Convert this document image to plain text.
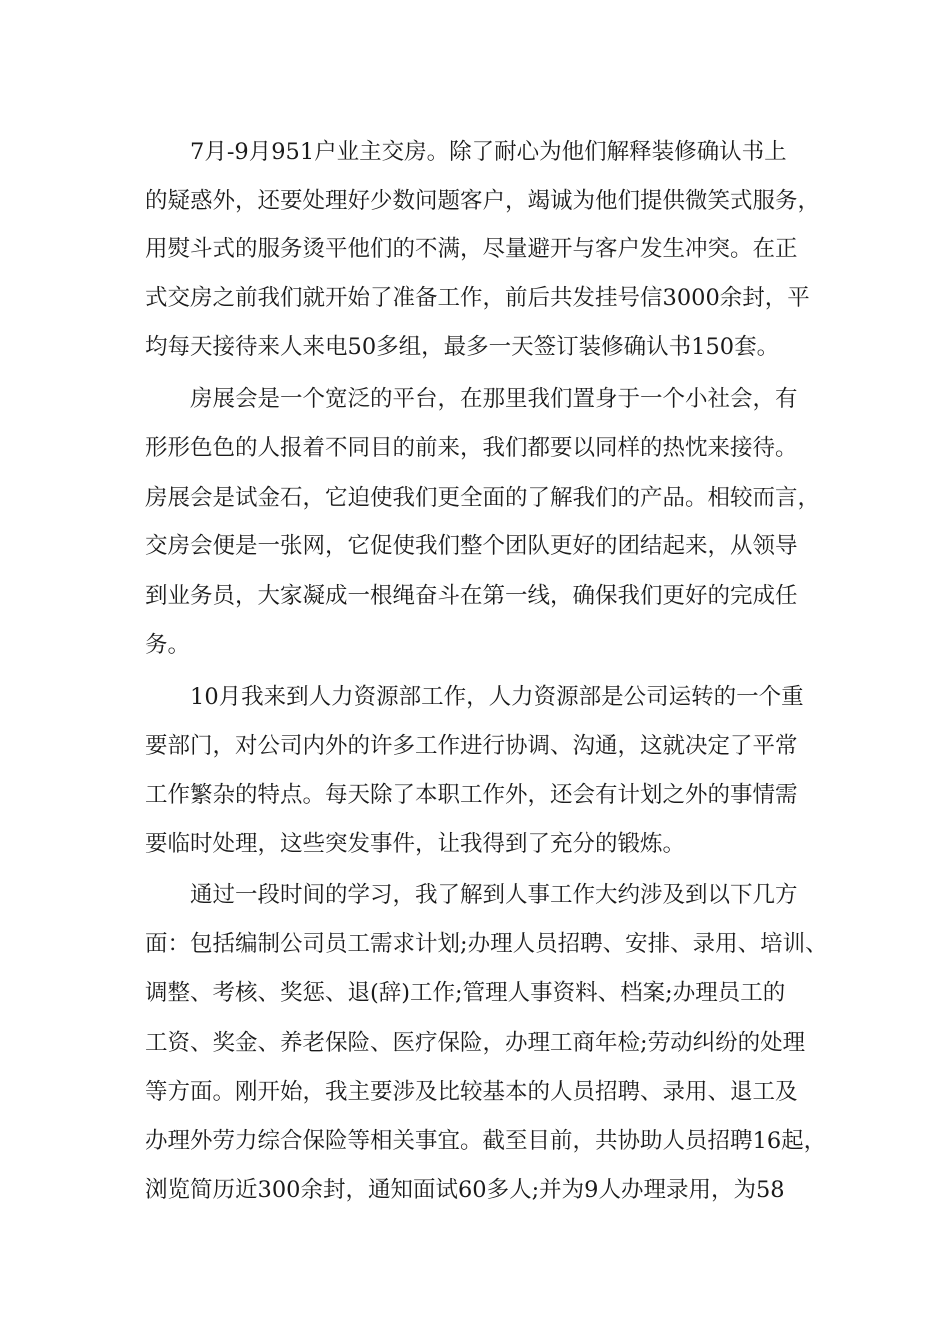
7月-9月951户业主交房。除了耐心为他们解释装修确认书上
的疑惑外，还要处理好少数问题客户，竭诚为他们提供微笑式服务，
用熨斗式的服务烫平他们的不满，尽量避开与客户发生冲突。在正
式交房之前我们就开始了准备工作，前后共发挂号信3000余封，平
均每天接待来人来电50多组，最多一天签订装修确认书150套。
房展会是一个宽泛的平台，在那里我们置身于一个小社会，有
形形色色的人报着不同目的前来，我们都要以同样的热忱来接待。
房展会是试金石，它迫使我们更全面的了解我们的产品。相较而言，
交房会便是一张网，它促使我们整个团队更好的团结起来，从领导
到业务员，大家凝成一根绳奋斗在第一线，确保我们更好的完成任
务。
10月我来到人力资源部工作，人力资源部是公司运转的一个重
要部门，对公司内外的许多工作进行协调、沟通，这就决定了平常
工作繁杂的特点。每天除了本职工作外，还会有计划之外的事情需
要临时处理，这些突发事件，让我得到了充分的锻炼。
通过一段时间的学习，我了解到人事工作大约涉及到以下几方
面：包括编制公司员工需求计划;办理人员招聘、安排、录用、培训、
调整、考核、奖惩、退(辞)工作;管理人事资料、档案;办理员工的
工资、奖金、养老保险、医疗保险，办理工商年检;劳动纠纷的处理
等方面。刚开始，我主要涉及比较基本的人员招聘、录用、退工及
办理外劳力综合保险等相关事宜。截至目前，共协助人员招聘16起，
浏览简历近300余封，通知面试60多人;并为9人办理录用，为58
